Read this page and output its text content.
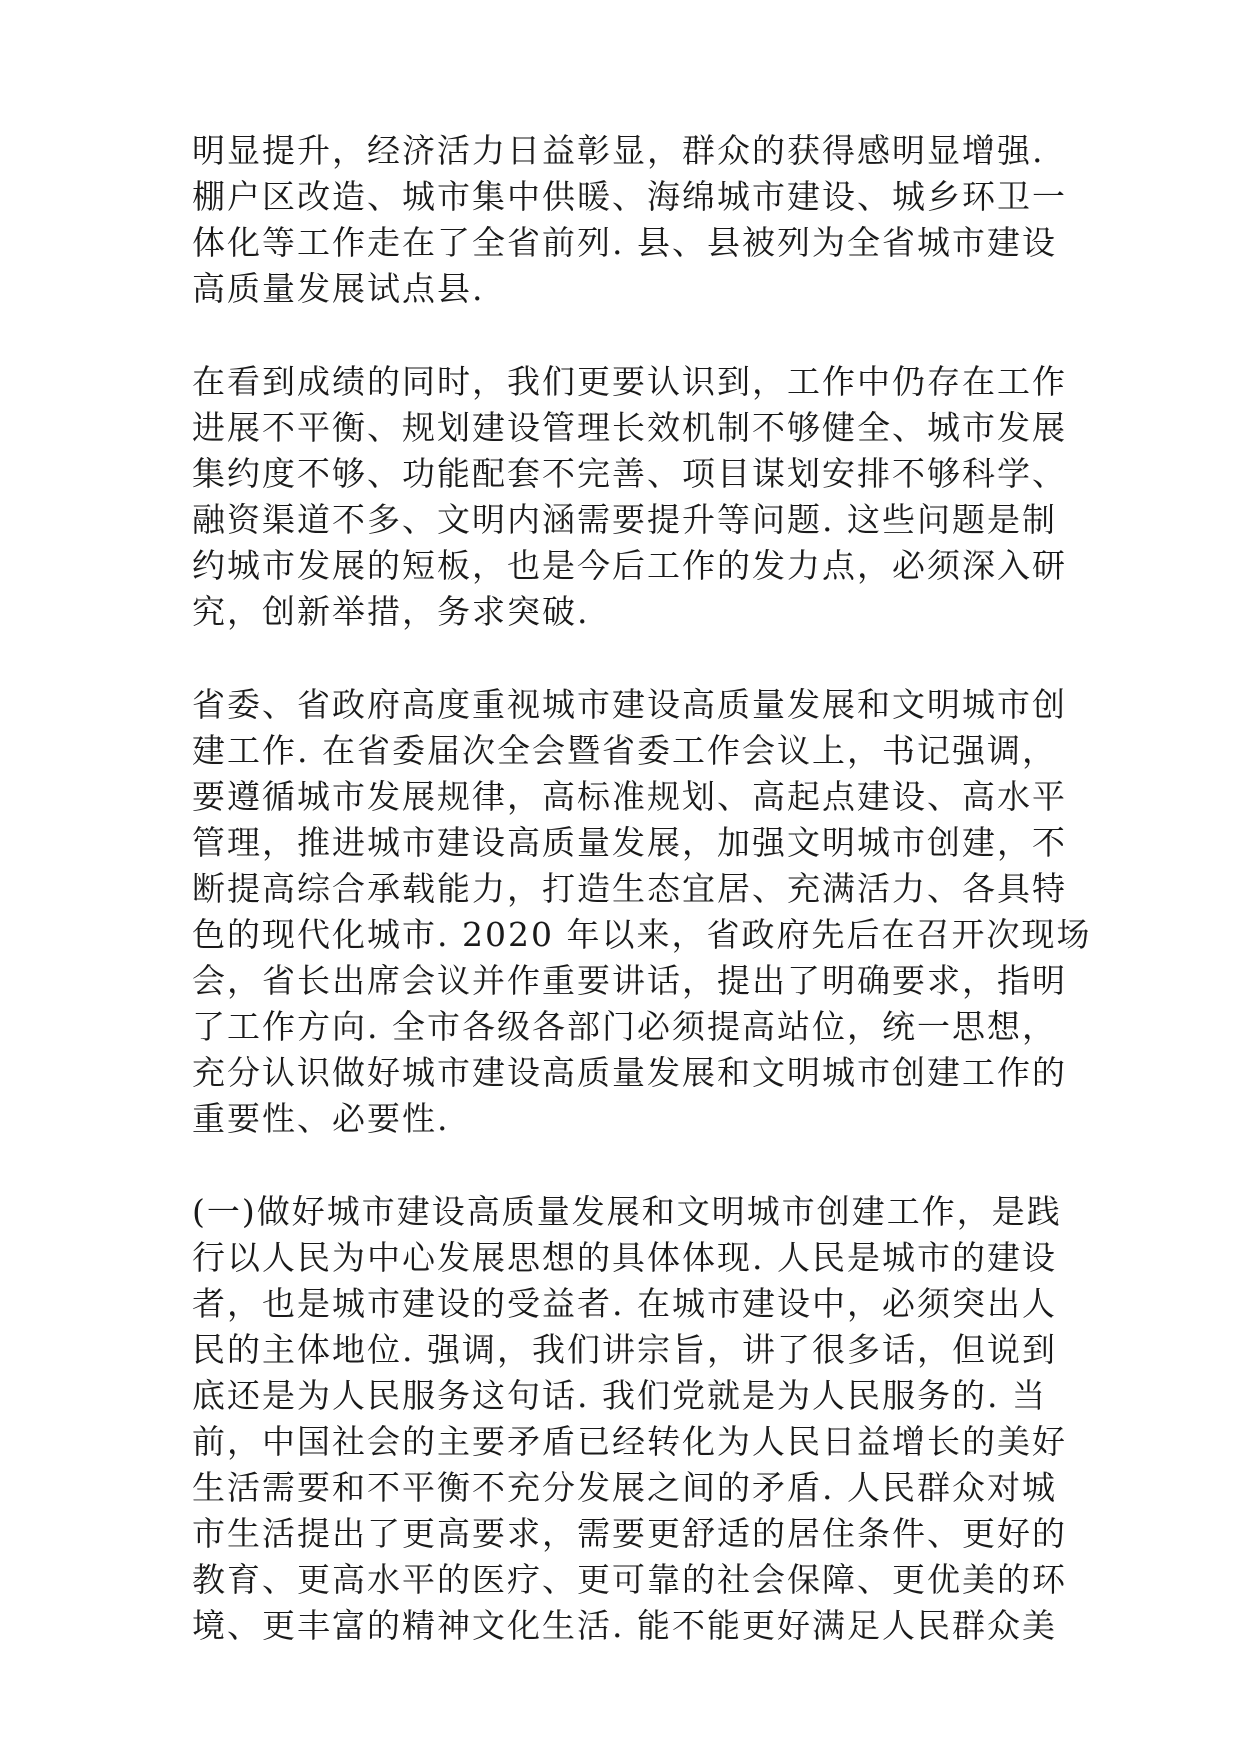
明显提升，经济活力日益彰显，群众的获得感明显增强.
棚户区改造、城市集中供暖、海绵城市建设、城乡环卫一
体化等工作走在了全省前列. 县、县被列为全省城市建设
高质量发展试点县.
在看到成绩的同时，我们更要认识到，工作中仍存在工作
进展不平衡、规划建设管理长效机制不够健全、城市发展
集约度不够、功能配套不完善、项目谋划安排不够科学、
融资渠道不多、文明内涵需要提升等问题. 这些问题是制
约城市发展的短板，也是今后工作的发力点，必须深入研
究，创新举措，务求突破.
省委、省政府高度重视城市建设高质量发展和文明城市创
建工作. 在省委届次全会暨省委工作会议上，书记强调，
要遵循城市发展规律，高标准规划、高起点建设、高水平
管理，推进城市建设高质量发展，加强文明城市创建，不
断提高综合承载能力，打造生态宜居、充满活力、各具特
色的现代化城市. 2020 年以来，省政府先后在召开次现场
会，省长出席会议并作重要讲话，提出了明确要求，指明
了工作方向. 全市各级各部门必须提高站位，统一思想，
充分认识做好城市建设高质量发展和文明城市创建工作的
重要性、必要性.
(一)做好城市建设高质量发展和文明城市创建工作，是践
行以人民为中心发展思想的具体体现. 人民是城市的建设
者，也是城市建设的受益者. 在城市建设中，必须突出人
民的主体地位. 强调，我们讲宗旨，讲了很多话，但说到
底还是为人民服务这句话. 我们党就是为人民服务的. 当
前，中国社会的主要矛盾已经转化为人民日益增长的美好
生活需要和不平衡不充分发展之间的矛盾. 人民群众对城
市生活提出了更高要求，需要更舒适的居住条件、更好的
教育、更高水平的医疗、更可靠的社会保障、更优美的环
境、更丰富的精神文化生活. 能不能更好满足人民群众美
